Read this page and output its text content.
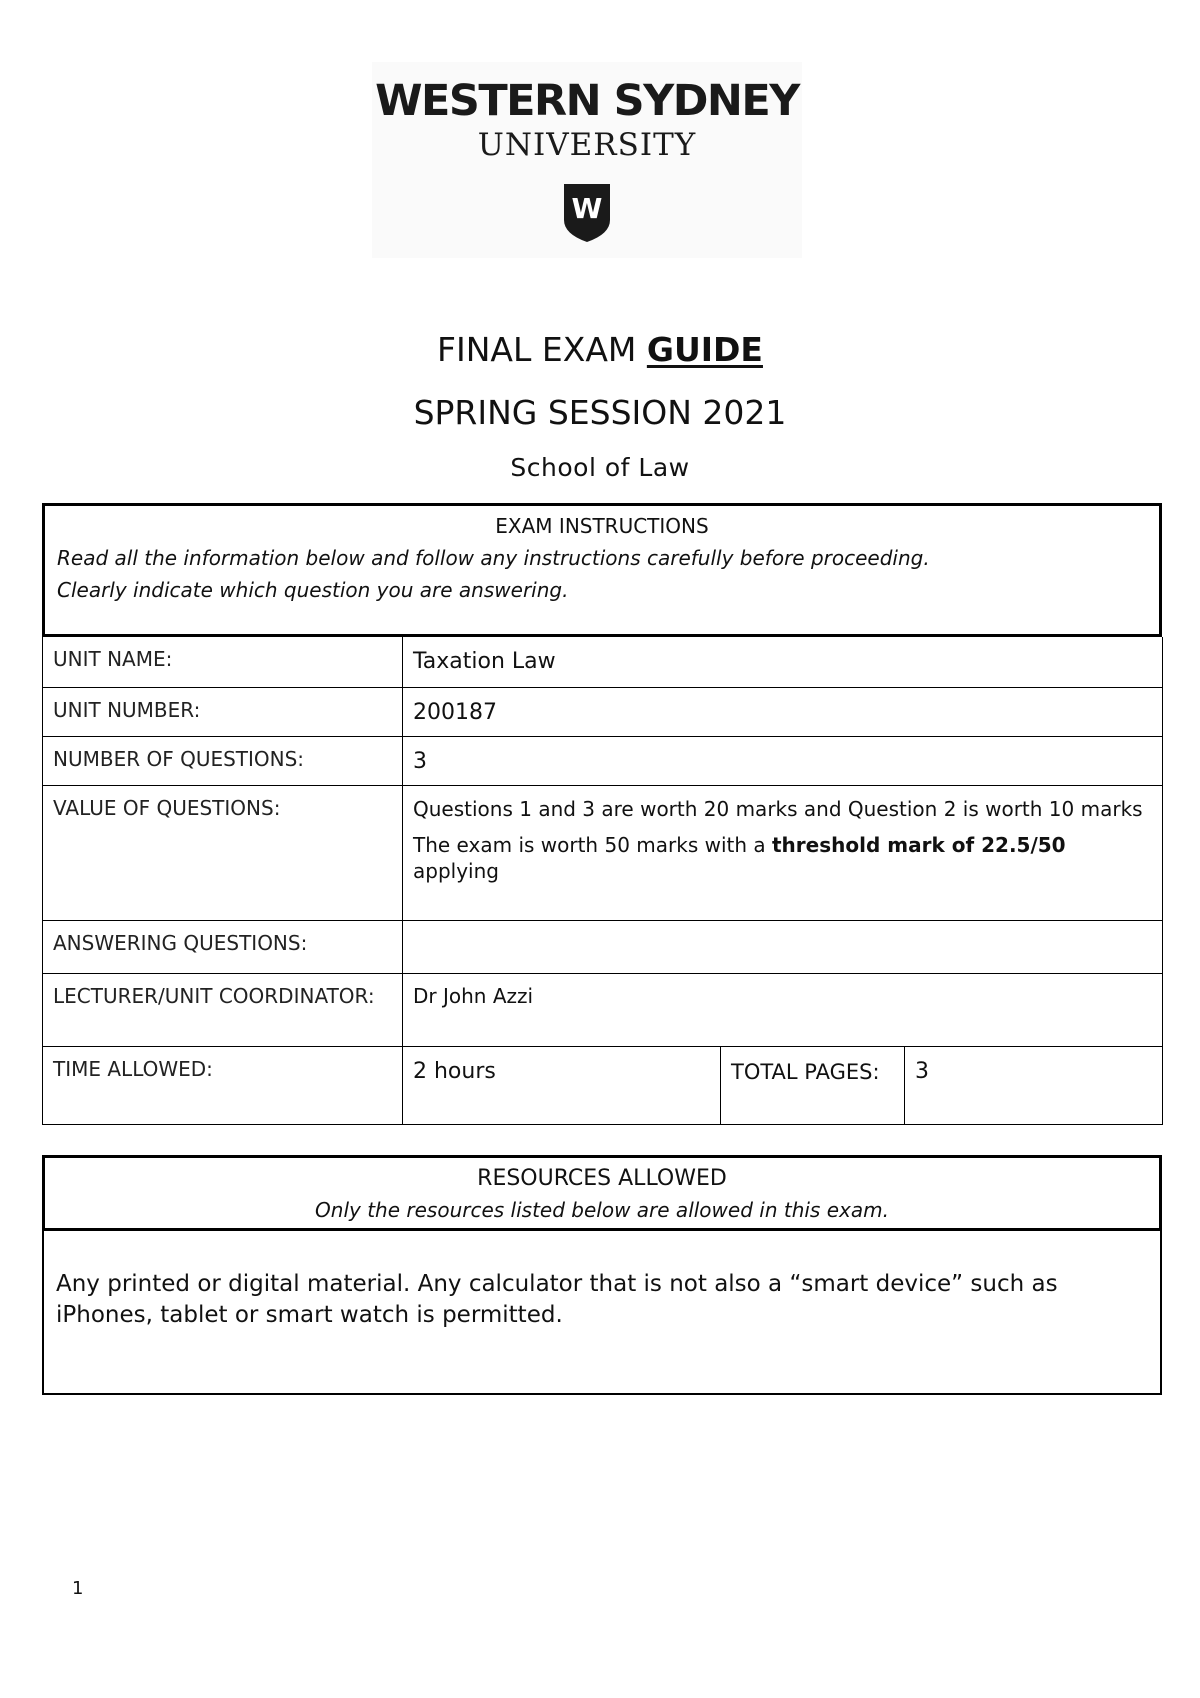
WESTERN SYDNEY
UNIVERSITY
W
FINAL EXAM GUIDE
SPRING SESSION 2021
School of Law
EXAM INSTRUCTIONS
Read all the information below and follow any instructions carefully before proceeding.
Clearly indicate which question you are answering.
UNIT NAME:	Taxation Law		
UNIT NUMBER:	200187		
NUMBER OF QUESTIONS:	3		
VALUE OF QUESTIONS:	Questions 1 and 3 are worth 20 marks and Question 2 is worth 10 marks

The exam is worth 50 marks with a threshold mark of 22.5/50 applying		

ANSWERING QUESTIONS:			
LECTURER/UNIT COORDINATOR:	Dr John Azzi		
TIME ALLOWED:	2 hours	TOTAL PAGES:	3
RESOURCES ALLOWED
Only the resources listed below are allowed in this exam.
Any printed or digital material. Any calculator that is not also a “smart device” such as iPhones, tablet or smart watch is permitted.
1
